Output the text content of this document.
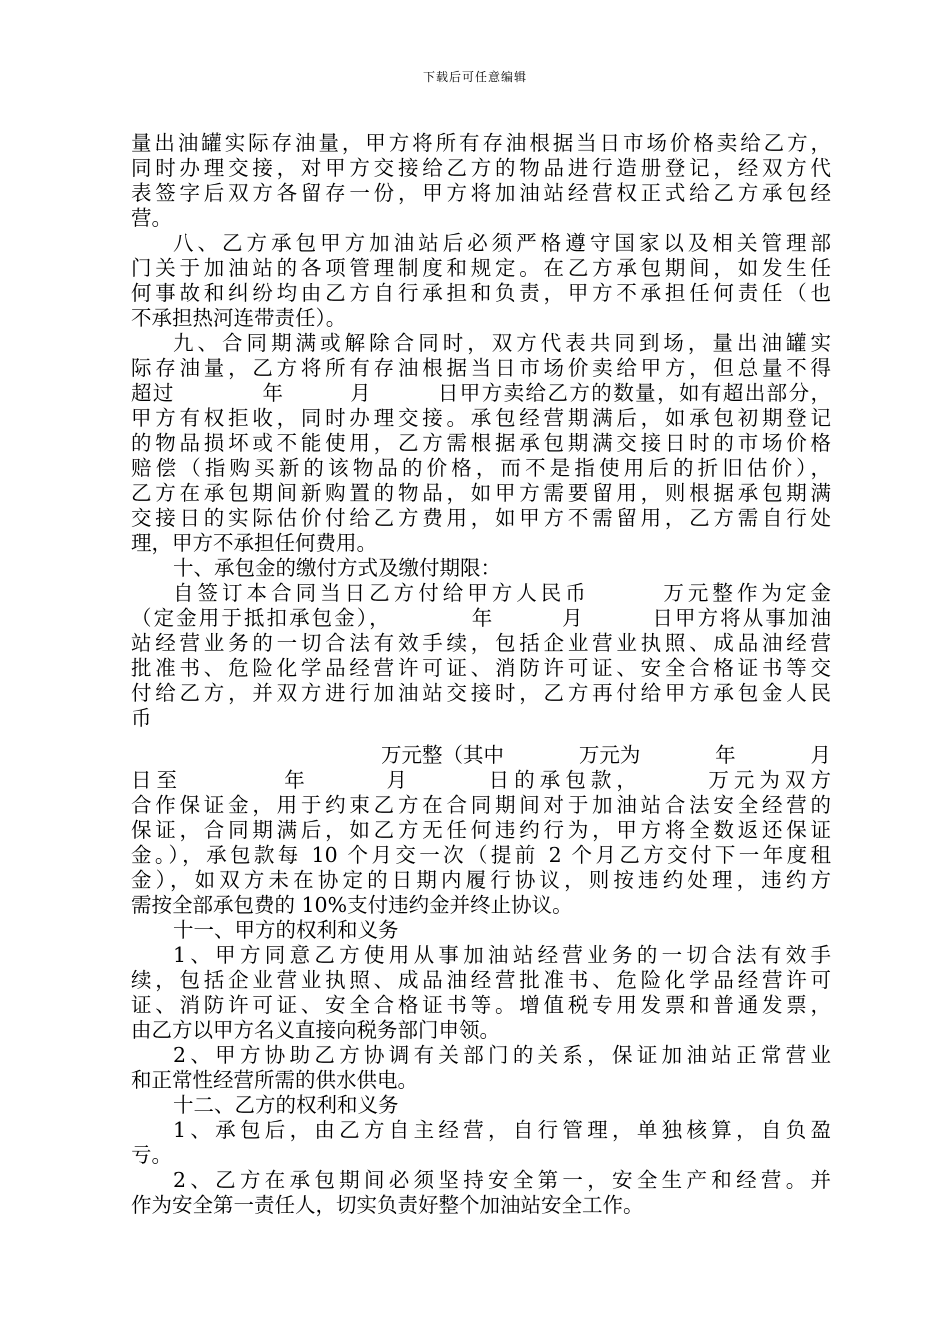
下载后可任意编辑
量出油罐实际存油量，甲方将所有存油根据当日市场价格卖给乙方，
同时办理交接，对甲方交接给乙方的物品进行造册登记，经双方代
表签字后双方各留存一份，甲方将加油站经营权正式给乙方承包经
营。
八、乙方承包甲方加油站后必须严格遵守国家以及相关管理部
门关于加油站的各项管理制度和规定。在乙方承包期间，如发生任
何事故和纠纷均由乙方自行承担和负责，甲方不承担任何责任（也
不承担热河连带责任）。
九、合同期满或解除合同时，双方代表共同到场，量出油罐实
际存油量，乙方将所有存油根据当日市场价卖给甲方，但总量不得
超过　　　　年　　　月　　　日甲方卖给乙方的数量，如有超出部分，
甲方有权拒收，同时办理交接。承包经营期满后，如承包初期登记
的物品损坏或不能使用，乙方需根据承包期满交接日时的市场价格
赔偿（指购买新的该物品的价格，而不是指使用后的折旧估价），
乙方在承包期间新购置的物品，如甲方需要留用，则根据承包期满
交接日的实际估价付给乙方费用，如甲方不需留用，乙方需自行处
理，甲方不承担任何费用。
十、承包金的缴付方式及缴付期限：
自签订本合同当日乙方付给甲方人民币　　　万元整作为定金
（定金用于抵扣承包金），　　　　年　　　月　　　日甲方将从事加油
站经营业务的一切合法有效手续，包括企业营业执照、成品油经营
批准书、危险化学品经营许可证、消防许可证、安全合格证书等交
付给乙方，并双方进行加油站交接时，乙方再付给甲方承包金人民
币
万元整（其中	万元为	年	月
日至　　　　年　　　月　　　日的承包款，　　　万元为双方
合作保证金，用于约束乙方在合同期间对于加油站合法安全经营的
保证，合同期满后，如乙方无任何违约行为，甲方将全数返还保证
金。），承包款每 10 个月交一次（提前 2 个月乙方交付下一年度租
金），如双方未在协定的日期内履行协议，则按违约处理，违约方
需按全部承包费的 10%支付违约金并终止协议。
十一、甲方的权利和义务
1、甲方同意乙方使用从事加油站经营业务的一切合法有效手
续，包括企业营业执照、成品油经营批准书、危险化学品经营许可
证、消防许可证、安全合格证书等。增值税专用发票和普通发票，
由乙方以甲方名义直接向税务部门申领。
2、甲方协助乙方协调有关部门的关系，保证加油站正常营业
和正常性经营所需的供水供电。
十二、乙方的权利和义务
1、承包后，由乙方自主经营，自行管理，单独核算，自负盈
亏。
2、乙方在承包期间必须坚持安全第一，安全生产和经营。并
作为安全第一责任人，切实负责好整个加油站安全工作。
